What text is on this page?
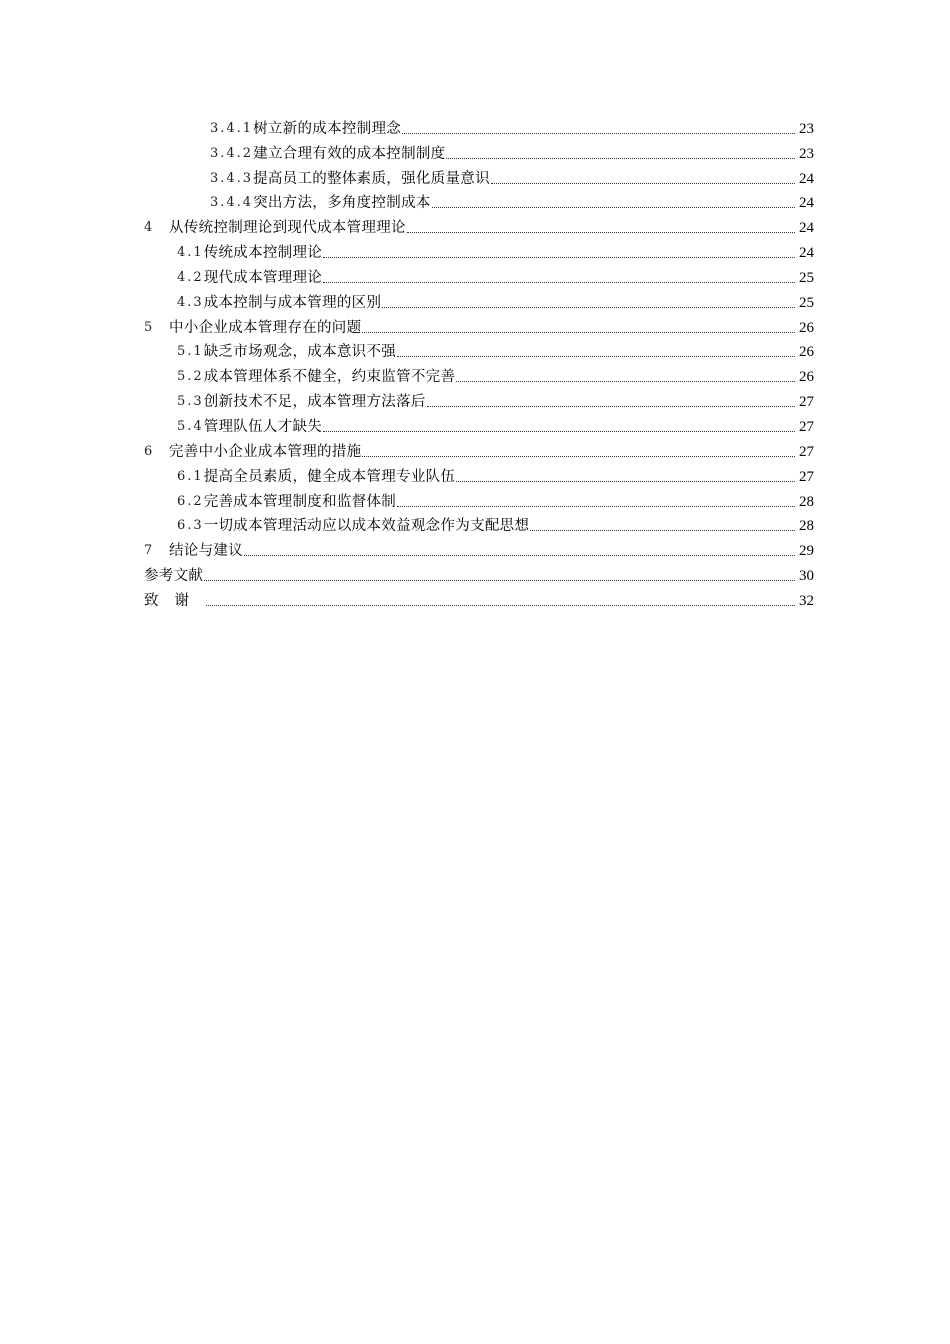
3.4.1 树立新的成本控制理念	23
3.4.2 建立合理有效的成本控制制度	23
3.4.3 提高员工的整体素质，强化质量意识	24
3.4.4 突出方法，多角度控制成本	24
4	从传统控制理论到现代成本管理理论	24
4.1 传统成本控制理论	24
4.2 现代成本管理理论	25
4.3 成本控制与成本管理的区别	25
5	中小企业成本管理存在的问题	26
5.1 缺乏市场观念，成本意识不强	26
5.2 成本管理体系不健全，约束监管不完善	26
5.3 创新技术不足，成本管理方法落后	27
5.4 管理队伍人才缺失	27
6	完善中小企业成本管理的措施	27
6.1 提高全员素质，健全成本管理专业队伍	27
6.2 完善成本管理制度和监督体制	28
6.3 一切成本管理活动应以成本效益观念作为支配思想	28
7	结论与建议	29
参考文献	30
致谢	32
